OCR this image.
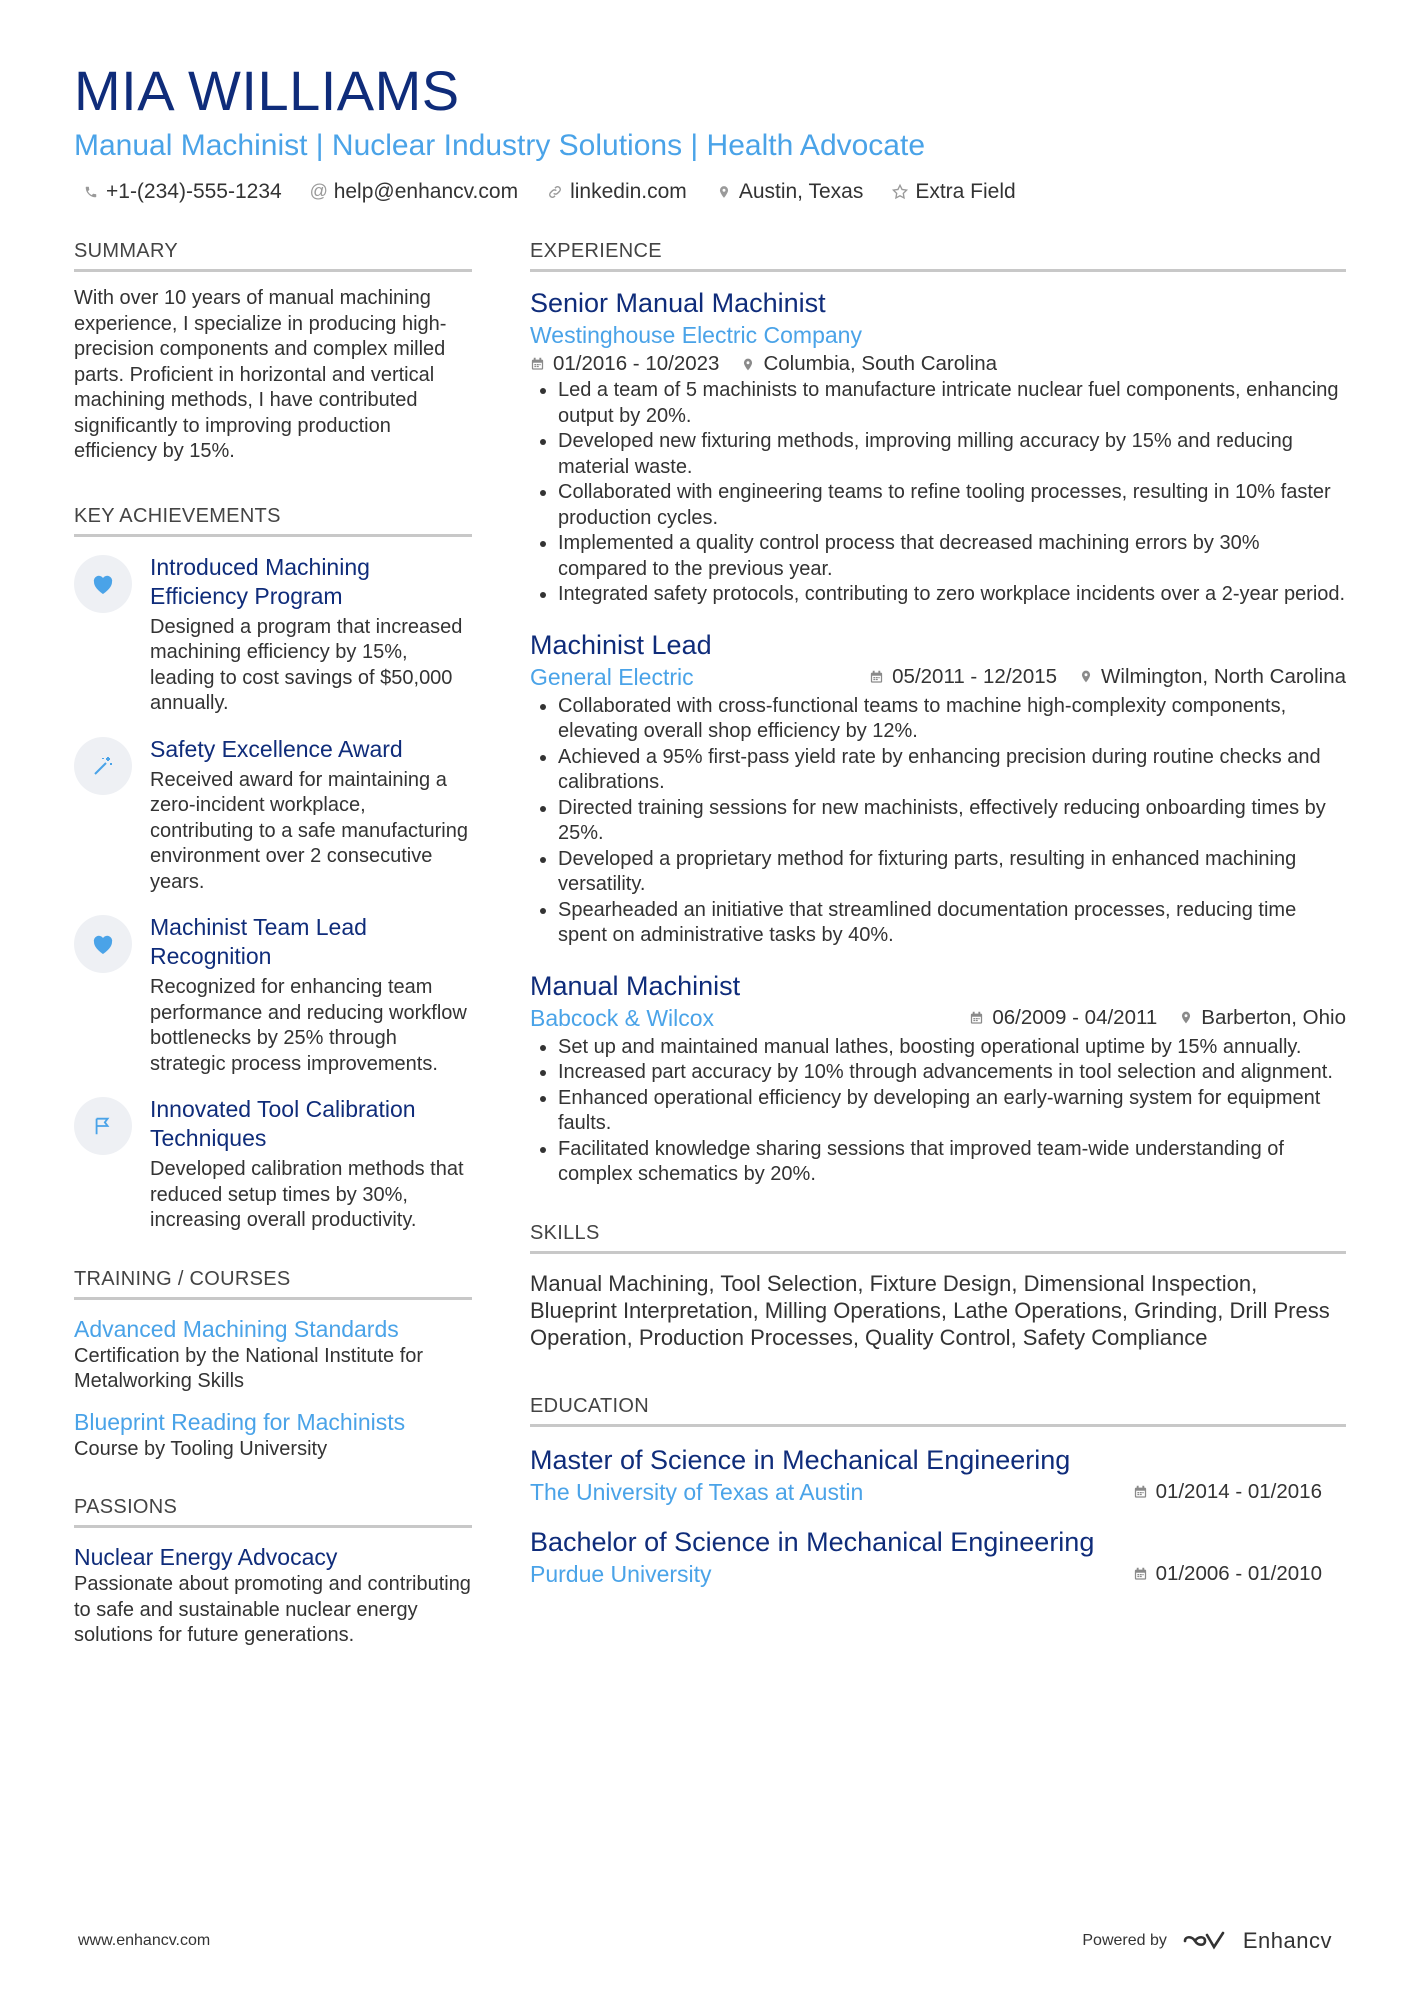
MIA WILLIAMS
Manual Machinist | Nuclear Industry Solutions | Health Advocate
+1-(234)-555-1234 @ help@enhancv.com linkedin.com Austin, Texas Extra Field
SUMMARY
With over 10 years of manual machining experience, I specialize in producing high-precision components and complex milled parts. Proficient in horizontal and vertical machining methods, I have contributed significantly to improving production efficiency by 15%.
KEY ACHIEVEMENTS
Introduced Machining Efficiency Program
Designed a program that increased machining efficiency by 15%, leading to cost savings of $50,000 annually.
Safety Excellence Award
Received award for maintaining a zero-incident workplace, contributing to a safe manufacturing environment over 2 consecutive years.
Machinist Team Lead Recognition
Recognized for enhancing team performance and reducing workflow bottlenecks by 25% through strategic process improvements.
Innovated Tool Calibration Techniques
Developed calibration methods that reduced setup times by 30%, increasing overall productivity.
TRAINING / COURSES
Advanced Machining Standards
Certification by the National Institute for Metalworking Skills
Blueprint Reading for Machinists
Course by Tooling University
PASSIONS
Nuclear Energy Advocacy
Passionate about promoting and contributing to safe and sustainable nuclear energy solutions for future generations.
EXPERIENCE
Senior Manual Machinist
Westinghouse Electric Company
01/2016 - 10/2023 Columbia, South Carolina
• Led a team of 5 machinists to manufacture intricate nuclear fuel components, enhancing output by 20%.
• Developed new fixturing methods, improving milling accuracy by 15% and reducing material waste.
• Collaborated with engineering teams to refine tooling processes, resulting in 10% faster production cycles.
• Implemented a quality control process that decreased machining errors by 30% compared to the previous year.
• Integrated safety protocols, contributing to zero workplace incidents over a 2-year period.
Machinist Lead
General Electric	05/2011 - 12/2015 Wilmington, North Carolina
• Collaborated with cross-functional teams to machine high-complexity components, elevating overall shop efficiency by 12%.
• Achieved a 95% first-pass yield rate by enhancing precision during routine checks and calibrations.
• Directed training sessions for new machinists, effectively reducing onboarding times by 25%.
• Developed a proprietary method for fixturing parts, resulting in enhanced machining versatility.
• Spearheaded an initiative that streamlined documentation processes, reducing time spent on administrative tasks by 40%.
Manual Machinist
Babcock & Wilcox	06/2009 - 04/2011 Barberton, Ohio
• Set up and maintained manual lathes, boosting operational uptime by 15% annually.
• Increased part accuracy by 10% through advancements in tool selection and alignment.
• Enhanced operational efficiency by developing an early-warning system for equipment faults.
• Facilitated knowledge sharing sessions that improved team-wide understanding of complex schematics by 20%.
SKILLS
Manual Machining, Tool Selection, Fixture Design, Dimensional Inspection, Blueprint Interpretation, Milling Operations, Lathe Operations, Grinding, Drill Press Operation, Production Processes, Quality Control, Safety Compliance
EDUCATION
Master of Science in Mechanical Engineering
The University of Texas at Austin	01/2014 - 01/2016
Bachelor of Science in Mechanical Engineering
Purdue University	01/2006 - 01/2010
www.enhancv.com	Powered by	Enhancv
